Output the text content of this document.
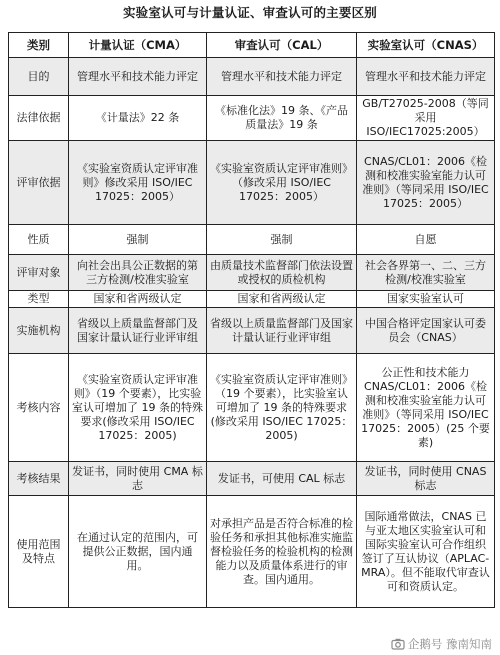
实验室认可与计量认证、审查认可的主要区别
类别	计量认证（CMA）	审查认可（CAL）	实验室认可（CNAS）
目的	管理水平和技术能力评定	管理水平和技术能力评定	管理水平和技术能力评定
法律依据	《计量法》22 条	《标准化法》19 条、《产品质量法》19 条	GB/T27025-2008（等同采用 ISO/IEC17025:2005）
评审依据	《实验室资质认定评审准则》修改采用 ISO/IEC 17025：2005）	《实验室资质认定评审准则》（修改采用 ISO/IEC 17025：2005）	CNAS/CL01：2006《检测和校准实验室能力认可准则》（等同采用 ISO/IEC 17025：2005）
性质	强制	强制	自愿
评审对象	向社会出具公正数据的第三方检测/校准实验室	由质量技术监督部门依法设置或授权的质检机构	社会各界第一、二、三方检测/校准实验室
类型	国家和省两级认定	国家和省两级认定	国家实验室认可
实施机构	省级以上质量监督部门及国家计量认证行业评审组	省级以上质量监督部门及国家计量认证行业评审组	中国合格评定国家认可委员会（CNAS）
考核内容	《实验室资质认定评审准则》（19 个要素），比实验室认可增加了 19 条的特殊要求(修改采用 ISO/IEC 17025：2005)	《实验室资质认定评审准则》（19 个要素），比实验室认可增加了 19 条的特殊要求(修改采用 ISO/IEC 17025：2005)	公正性和技术能力 CNAS/CL01：2006《检测和校准实验室能力认可准则》（等同采用 ISO/IEC 17025：2005）(25 个要素)
考核结果	发证书，同时使用 CMA 标志	发证书，可使用 CAL 标志	发证书，同时使用 CNAS 标志
使用范围及特点	在通过认定的范围内，可提供公正数据，国内通用。	对承担产品是否符合标准的检验任务和承担其他标准实施监督检验任务的检验机构的检测能力以及质量体系进行的审查。国内通用。	国际通常做法，CNAS 已与亚太地区实验室认可和国际实验室认可合作组织签订了互认协议（APLAC-MRA）。但不能取代审查认可和资质认定。
企鹅号 豫南知南
